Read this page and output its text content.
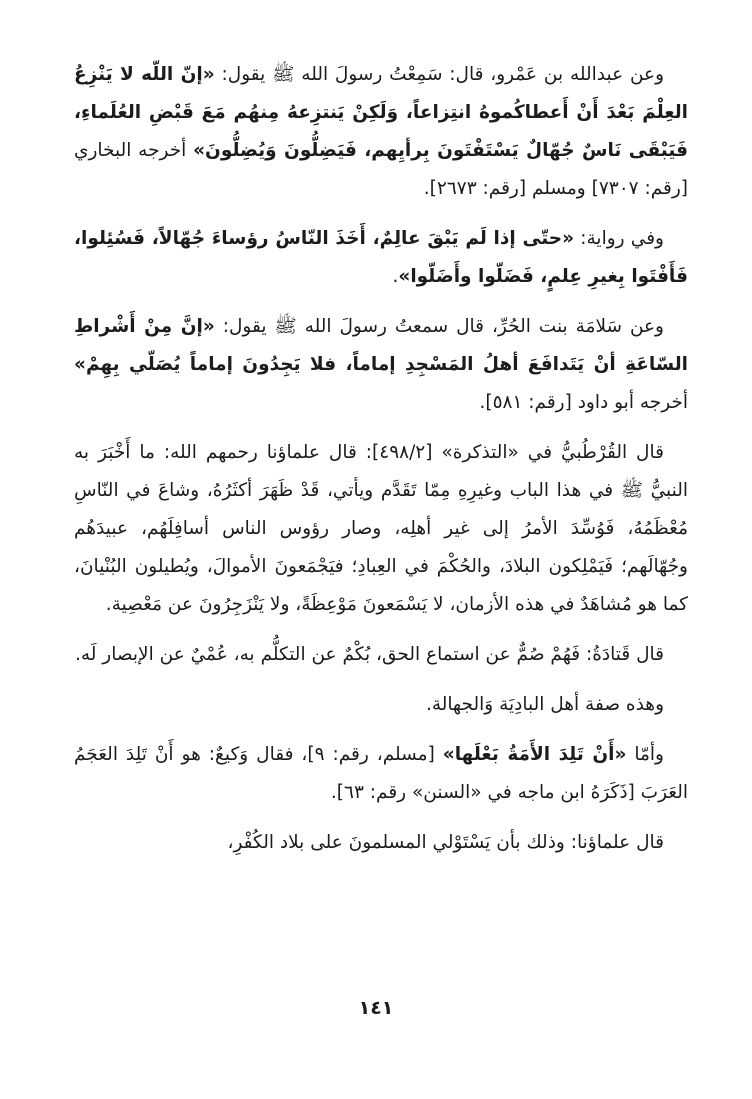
وعن عبدالله بن عَمْرو، قال: سَمِعْتُ رسولَ الله ﷺ يقول: «إنّ اللّه لا يَنْزِعُ العِلْمَ بَعْدَ أَنْ أَعطاكُموهُ انتِزاعاً، وَلَكِنْ يَنتزِعهُ مِنهُم مَعَ قَبْضِ العُلَماءِ، فَيَبْقَى نَاسٌ جُهّالٌ يَسْتَفْتَونَ بِرأيِهم، فَيَضِلُّونَ وَيُضِلُّونَ» أخرجه البخاري [رقم: ٧٣٠٧] ومسلم [رقم: ٢٦٧٣].

وفي رواية: «حتّى إذا لَم يَبْقَ عالِمٌ، أَخَذَ النّاسُ رؤساءَ جُهّالاً، فَسُئِلوا، فَأَفْتَوا بِغيرِ عِلمٍ، فَضَلّوا وأَضَلّوا».

وعن سَلامَة بنت الحُرِّ، قال سمعتُ رسولَ الله ﷺ يقول: «إنَّ مِنْ أَشْراطِ السّاعَةِ أنْ يَتَدافَعَ أهلُ المَسْجِدِ إماماً، فلا يَجِدُونَ إماماً يُصَلّي بِهِمْ» أخرجه أبو داود [رقم: ٥٨١].

قال القُرْطُبيُّ في «التذكرة» [٤٩٨/٢]: قال علماؤنا رحمهم الله: ما أَخْبَرَ به النبيُّ ﷺ في هذا الباب وغيرِهِ مِمّا تَقَدَّم ويأتي، قَدْ ظَهَرَ أكثَرُهُ، وشاعَ في النّاسِ مُعْظَمُهُ، فَوُسِّدَ الأمرُ إلى غير أهلِه، وصار رؤوس الناس أسافِلَهُم، عبيدَهُم وجُهّالَهم؛ فَيَمْلِكون البلادَ، والحُكْمَ في العِبادِ؛ فيَجْمَعونَ الأموالَ، ويُطيلون البُنْيانَ، كما هو مُشاهَدٌ في هذه الأزمان، لا يَسْمَعونَ مَوْعِظَةً، ولا يَنْزَجِرُونَ عن مَعْصِية.

قال قَتادَةُ: فَهُمْ صُمٌّ عن استماع الحق، بُكْمٌ عن التكلُّم به، عُمْيٌ عن الإبصار لَه.

وهذه صفة أهل البادِيَة وَالجهالة.

وأمّا «أَنْ تَلِدَ الأَمَةُ بَعْلَها» [مسلم، رقم: ٩]، فقال وَكيعٌ: هو أَنْ تَلِدَ العَجَمُ العَرَبَ [ذَكَرَهُ ابن ماجه في «السنن» رقم: ٦٣].

قال علماؤنا: وذلك بأن يَسْتَوْلي المسلمونَ على بلاد الكُفْرِ،

١٤١
